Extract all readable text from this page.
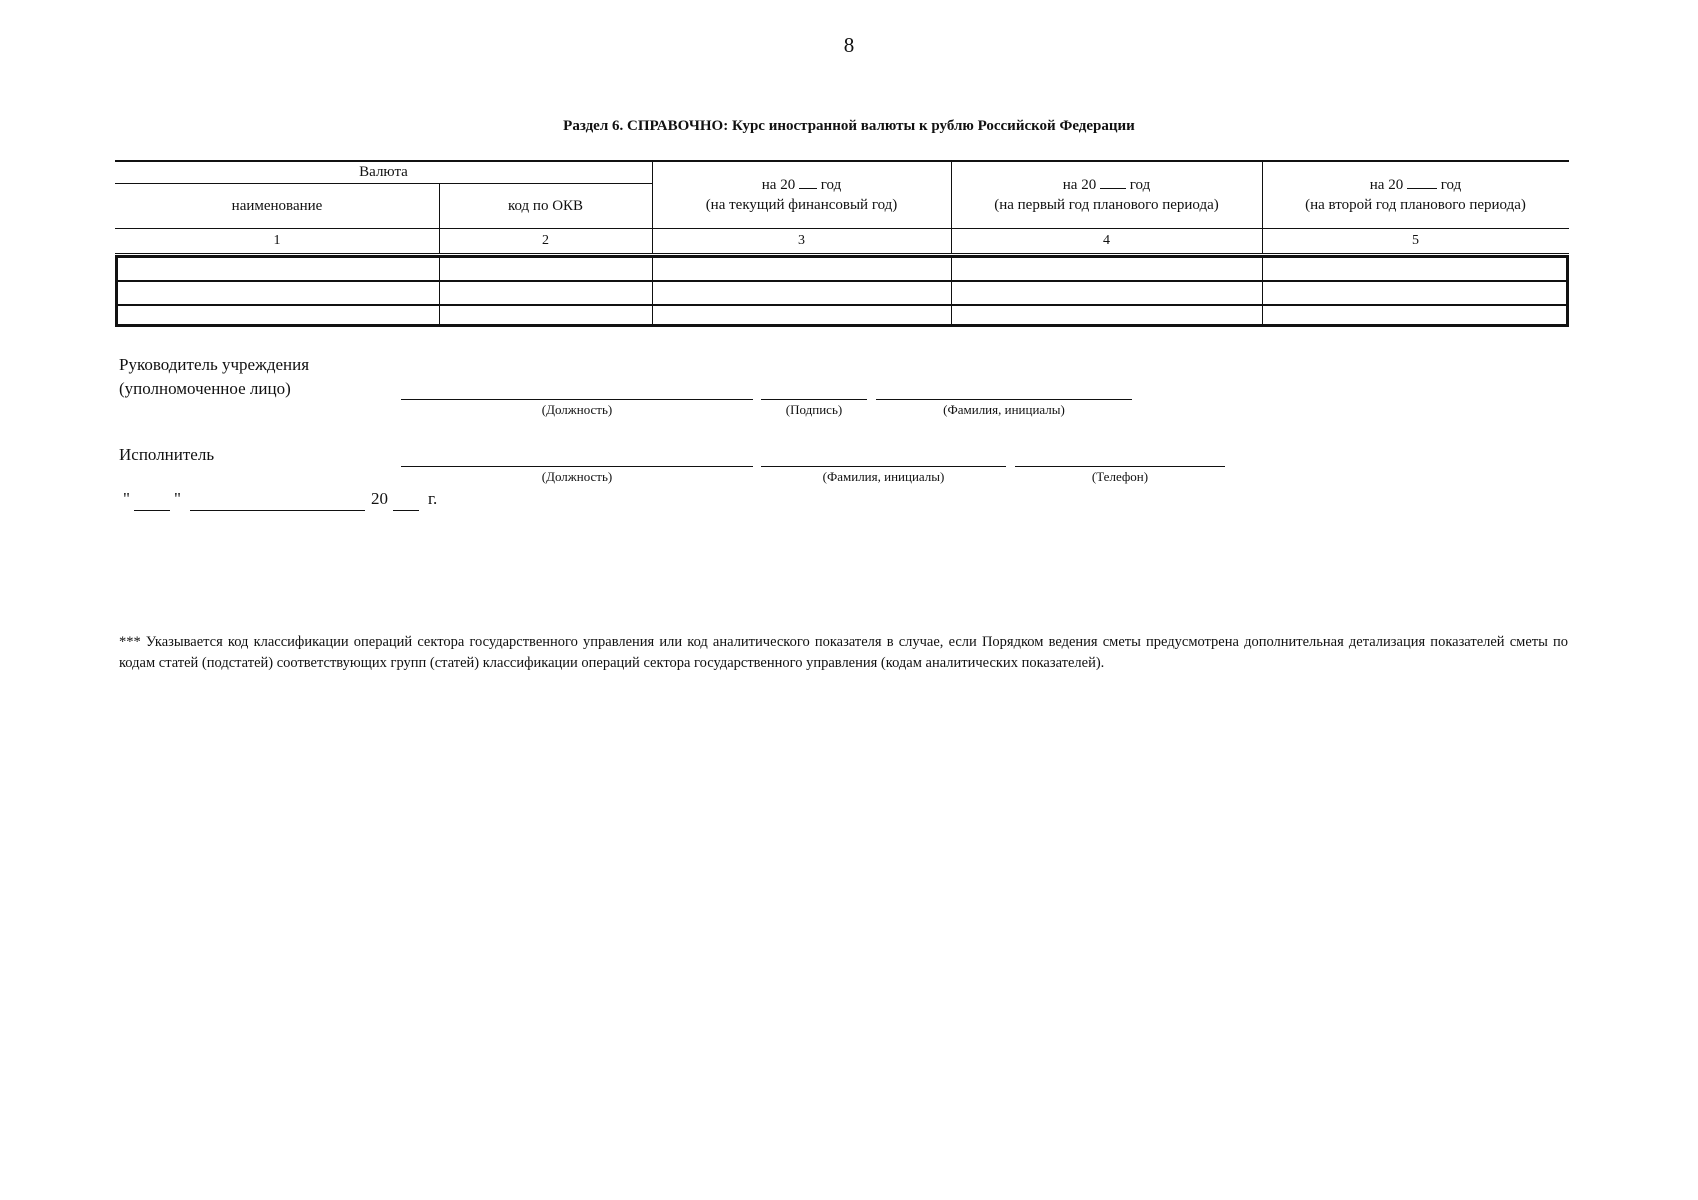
8
Раздел 6. СПРАВОЧНО: Курс иностранной валюты к рублю Российской Федерации
Валюта
наименование	код по ОКВ
на 20 год
(на текущий финансовый год)
на 20 год
(на первый год планового периода)
на 20	год
(на второй год планового периода)
1	2	3	4	5
Руководитель учреждения
(уполномоченное лицо)
(Должность)	(Подпись)	(Фамилия, инициалы)
Исполнитель
(Должность)	(Фамилия, инициалы)	(Телефон)
"	"	20 г.
*** Указывается код классификации операций сектора государственного управления или код аналитического показателя в случае, если Порядком ведения сметы предусмотрена дополнительная детализация показателей сметы по кодам статей (подстатей) соответствующих групп (статей) классификации операций сектора государственного управления (кодам аналитических показателей).
